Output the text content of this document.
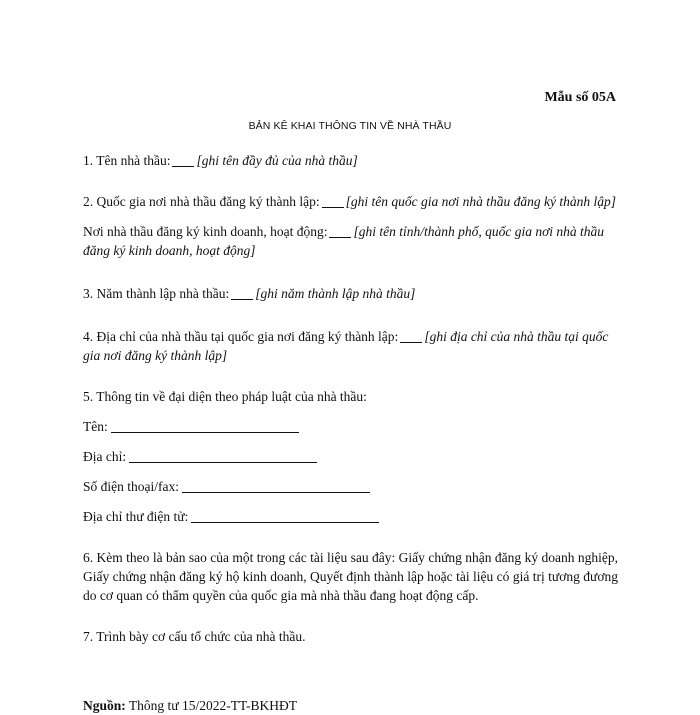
Mẫu số 05A
BẢN KÊ KHAI THÔNG TIN VỀ NHÀ THẦU

1. Tên nhà thầu: [ghi tên đầy đủ của nhà thầu]

2. Quốc gia nơi nhà thầu đăng ký thành lập: [ghi tên quốc gia nơi nhà thầu đăng ký thành lập]

Nơi nhà thầu đăng ký kinh doanh, hoạt động: [ghi tên tỉnh/thành phố, quốc gia nơi nhà thầu đăng ký kinh doanh, hoạt động]

3. Năm thành lập nhà thầu: [ghi năm thành lập nhà thầu]

4. Địa chỉ của nhà thầu tại quốc gia nơi đăng ký thành lập: [ghi địa chỉ của nhà thầu tại quốc gia nơi đăng ký thành lập]

5. Thông tin về đại diện theo pháp luật của nhà thầu:

Tên:

Địa chỉ:

Số điện thoại/fax:

Địa chỉ thư điện tử:

6. Kèm theo là bản sao của một trong các tài liệu sau đây: Giấy chứng nhận đăng ký doanh nghiệp, Giấy chứng nhận đăng ký hộ kinh doanh, Quyết định thành lập hoặc tài liệu có giá trị tương đương do cơ quan có thẩm quyền của quốc gia mà nhà thầu đang hoạt động cấp.

7. Trình bày cơ cấu tổ chức của nhà thầu.

Nguồn: Thông tư 15/2022-TT-BKHĐT
